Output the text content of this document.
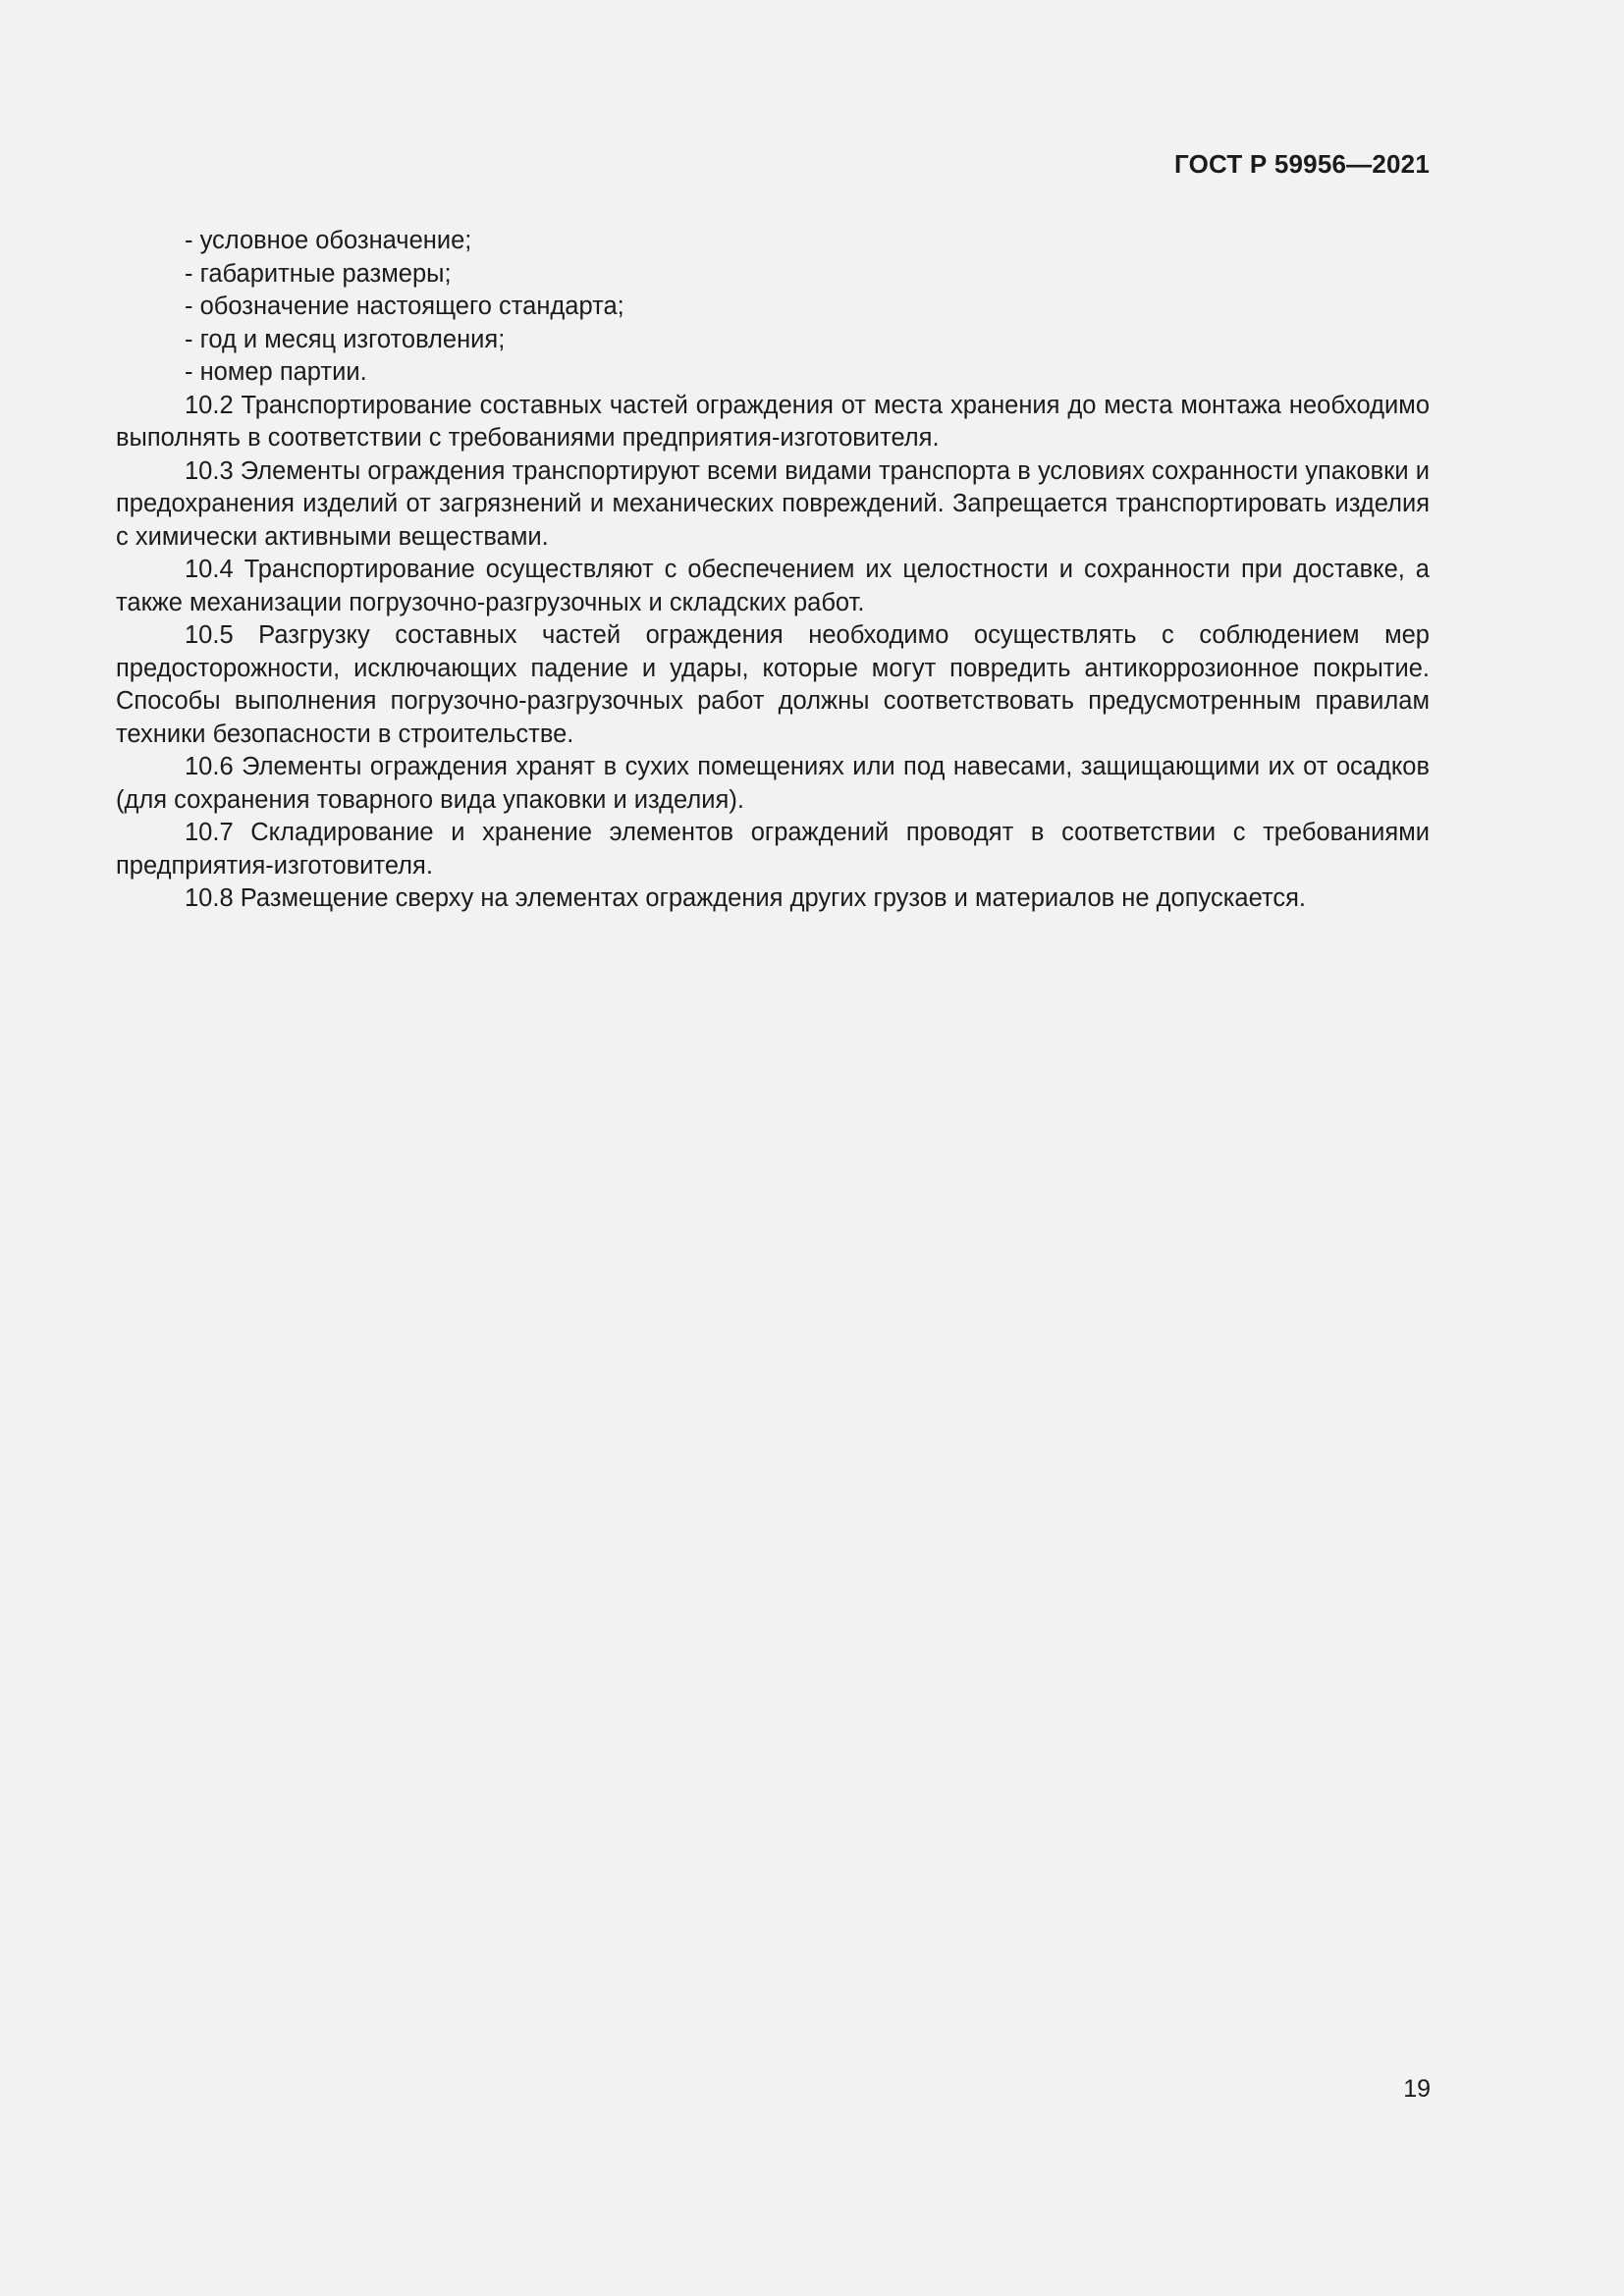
ГОСТ Р 59956—2021
- условное обозначение;
- габаритные размеры;
- обозначение настоящего стандарта;
- год и месяц изготовления;
- номер партии.

10.2 Транспортирование составных частей ограждения от места хранения до места монтажа необходимо выполнять в соответствии с требованиями предприятия-изготовителя.

10.3 Элементы ограждения транспортируют всеми видами транспорта в условиях сохранности упаковки и предохранения изделий от загрязнений и механических повреждений. Запрещается транспортировать изделия с химически активными веществами.

10.4 Транспортирование осуществляют с обеспечением их целостности и сохранности при доставке, а также механизации погрузочно-разгрузочных и складских работ.

10.5 Разгрузку составных частей ограждения необходимо осуществлять с соблюдением мер предосторожности, исключающих падение и удары, которые могут повредить антикоррозионное покрытие. Способы выполнения погрузочно-разгрузочных работ должны соответствовать предусмотренным правилам техники безопасности в строительстве.

10.6 Элементы ограждения хранят в сухих помещениях или под навесами, защищающими их от осадков (для сохранения товарного вида упаковки и изделия).

10.7 Складирование и хранение элементов ограждений проводят в соответствии с требованиями предприятия-изготовителя.

10.8 Размещение сверху на элементах ограждения других грузов и материалов не допускается.

19
